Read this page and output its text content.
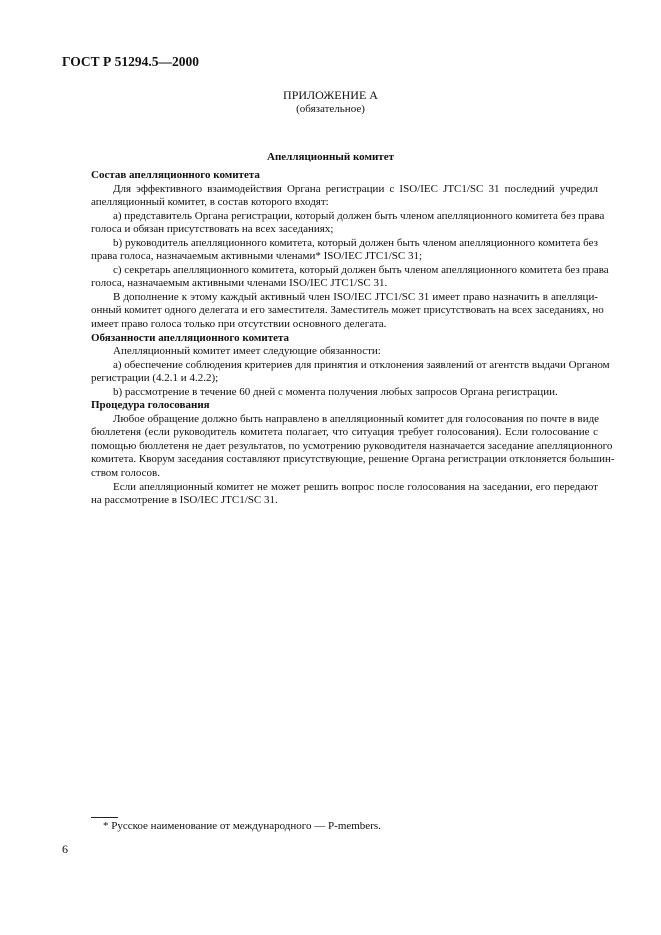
ГОСТ Р 51294.5—2000
ПРИЛОЖЕНИЕ А
(обязательное)
Апелляционный комитет
Состав апелляционного комитета
Для эффективного взаимодействия Органа регистрации с ISO/IEC JTC1/SC 31 последний учредил
апелляционный комитет, в состав которого входят:
а) представитель Органа регистрации, который должен быть членом апелляционного комитета без права
голоса и обязан присутствовать на всех заседаниях;
b) руководитель апелляционного комитета, который должен быть членом апелляционного комитета без
права голоса, назначаемым активными членами* ISO/IEC JTC1/SC 31;
с) секретарь апелляционного комитета, который должен быть членом апелляционного комитета без права
голоса, назначаемым активными членами ISO/IEC JTC1/SC 31.
В дополнение к этому каждый активный член ISO/IEC JTC1/SC 31 имеет право назначить в апелляци-
онный комитет одного делегата и его заместителя. Заместитель может присутствовать на всех заседаниях, но
имеет право голоса только при отсутствии основного делегата.
Обязанности апелляционного комитета
Апелляционный комитет имеет следующие обязанности:
а) обеспечение соблюдения критериев для принятия и отклонения заявлений от агентств выдачи Органом
регистрации (4.2.1 и 4.2.2);
b) рассмотрение в течение 60 дней с момента получения любых запросов Органа регистрации.
Процедура голосования
Любое обращение должно быть направлено в апелляционный комитет для голосования по почте в виде
бюллетеня (если руководитель комитета полагает, что ситуация требует голосования). Если голосование с
помощью бюллетеня не дает результатов, по усмотрению руководителя назначается заседание апелляционного
комитета. Кворум заседания составляют присутствующие, решение Органа регистрации отклоняется большин-
ством голосов.
Если апелляционный комитет не может решить вопрос после голосования на заседании, его передают
на рассмотрение в ISO/IEC JTC1/SC 31.
* Русское наименование от международного — P-members.
6
